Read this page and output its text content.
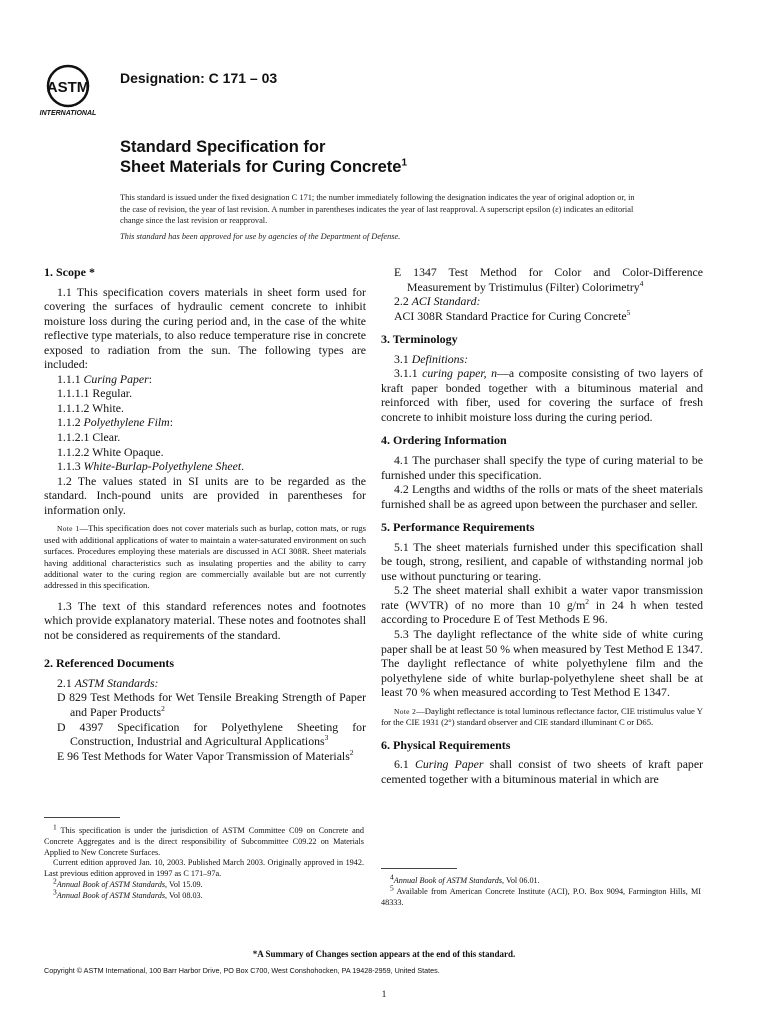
ASTM
INTERNATIONAL
Designation: C 171 – 03
Standard Specification for
Sheet Materials for Curing Concrete$^1$
This standard is issued under the fixed designation C 171; the number immediately following the designation indicates the year of original adoption or, in the case of revision, the year of last revision. A number in parentheses indicates the year of last reapproval. A superscript epsilon (ε) indicates an editorial change since the last revision or reapproval.
This standard has been approved for use by agencies of the Department of Defense.
1. Scope *

1.1 This specification covers materials in sheet form used for covering the surfaces of hydraulic cement concrete to inhibit moisture loss during the curing period and, in the case of the white reflective type materials, to also reduce temperature rise in concrete exposed to radiation from the sun. The following types are included:

1.1.1 Curing Paper:

1.1.1.1 Regular.

1.1.1.2 White.

1.1.2 Polyethylene Film:

1.1.2.1 Clear.

1.1.2.2 White Opaque.

1.1.3 White-Burlap-Polyethylene Sheet.

1.2 The values stated in SI units are to be regarded as the standard. Inch-pound units are provided in parentheses for information only.

Note 1—This specification does not cover materials such as burlap, cotton mats, or rugs used with additional applications of water to maintain a water-saturated environment on such surfaces. Procedures employing these materials are discussed in ACI 308R. Sheet materials having additional characteristics such as insulating properties and the ability to carry additional water to the curing region are commercially available but are not currently addressed in this specification.

1.3 The text of this standard references notes and footnotes which provide explanatory material. These notes and footnotes shall not be considered as requirements of the standard.

2. Referenced Documents

2.1 ASTM Standards:

D 829 Test Methods for Wet Tensile Breaking Strength of Paper and Paper Products$^2$

D 4397 Specification for Polyethylene Sheeting for Construction, Industrial and Agricultural Applications$^3$

E 96 Test Methods for Water Vapor Transmission of Materials$^2$

E 1347 Test Method for Color and Color-Difference Measurement by Tristimulus (Filter) Colorimetry$^4$

2.2 ACI Standard:

ACI 308R Standard Practice for Curing Concrete$^5$

3. Terminology

3.1 Definitions:

3.1.1 curing paper, n—a composite consisting of two layers of kraft paper bonded together with a bituminous material and reinforced with fiber, used for covering the surface of fresh concrete to inhibit moisture loss during the curing period.

4. Ordering Information

4.1 The purchaser shall specify the type of curing material to be furnished under this specification.

4.2 Lengths and widths of the rolls or mats of the sheet materials furnished shall be as agreed upon between the purchaser and seller.

5. Performance Requirements

5.1 The sheet materials furnished under this specification shall be tough, strong, resilient, and capable of withstanding normal job use without puncturing or tearing.

5.2 The sheet material shall exhibit a water vapor transmission rate (WVTR) of no more than 10 $g/m^2$ in 24 h when tested according to Procedure E of Test Methods E 96.

5.3 The daylight reflectance of the white side of white curing paper shall be at least 50 % when measured by Test Method E 1347. The daylight reflectance of white polyethylene film and the polyethylene side of white burlap-polyethylene sheet shall be at least 70 % when measured according to Test Method E 1347.

Note 2—Daylight reflectance is total luminous reflectance factor, CIE tristimulus value Y for the CIE 1931 (2°) standard observer and CIE standard illuminant C or D65.
6. Physical Requirements

6.1 Curing Paper shall consist of two sheets of kraft paper cemented together with a bituminous material in which are

$^1$ This specification is under the jurisdiction of ASTM Committee C09 on Concrete and Concrete Aggregates and is the direct responsibility of Subcommittee C09.22 on Materials Applied to New Concrete Surfaces.

Current edition approved Jan. 10, 2003. Published March 2003. Originally approved in 1942. Last previous edition approved in 1997 as C 171–97a.

$^2$Annual Book of ASTM Standards, Vol 15.09.

$^3$Annual Book of ASTM Standards, Vol 08.03.

$^4$Annual Book of ASTM Standards, Vol 06.01.

$^5$ Available from American Concrete Institute (ACI), P.O. Box 9094, Farmington Hills, MI 48333.

*A Summary of Changes section appears at the end of this standard.
Copyright © ASTM International, 100 Barr Harbor Drive, PO Box C700, West Conshohocken, PA 19428-2959, United States.
1
